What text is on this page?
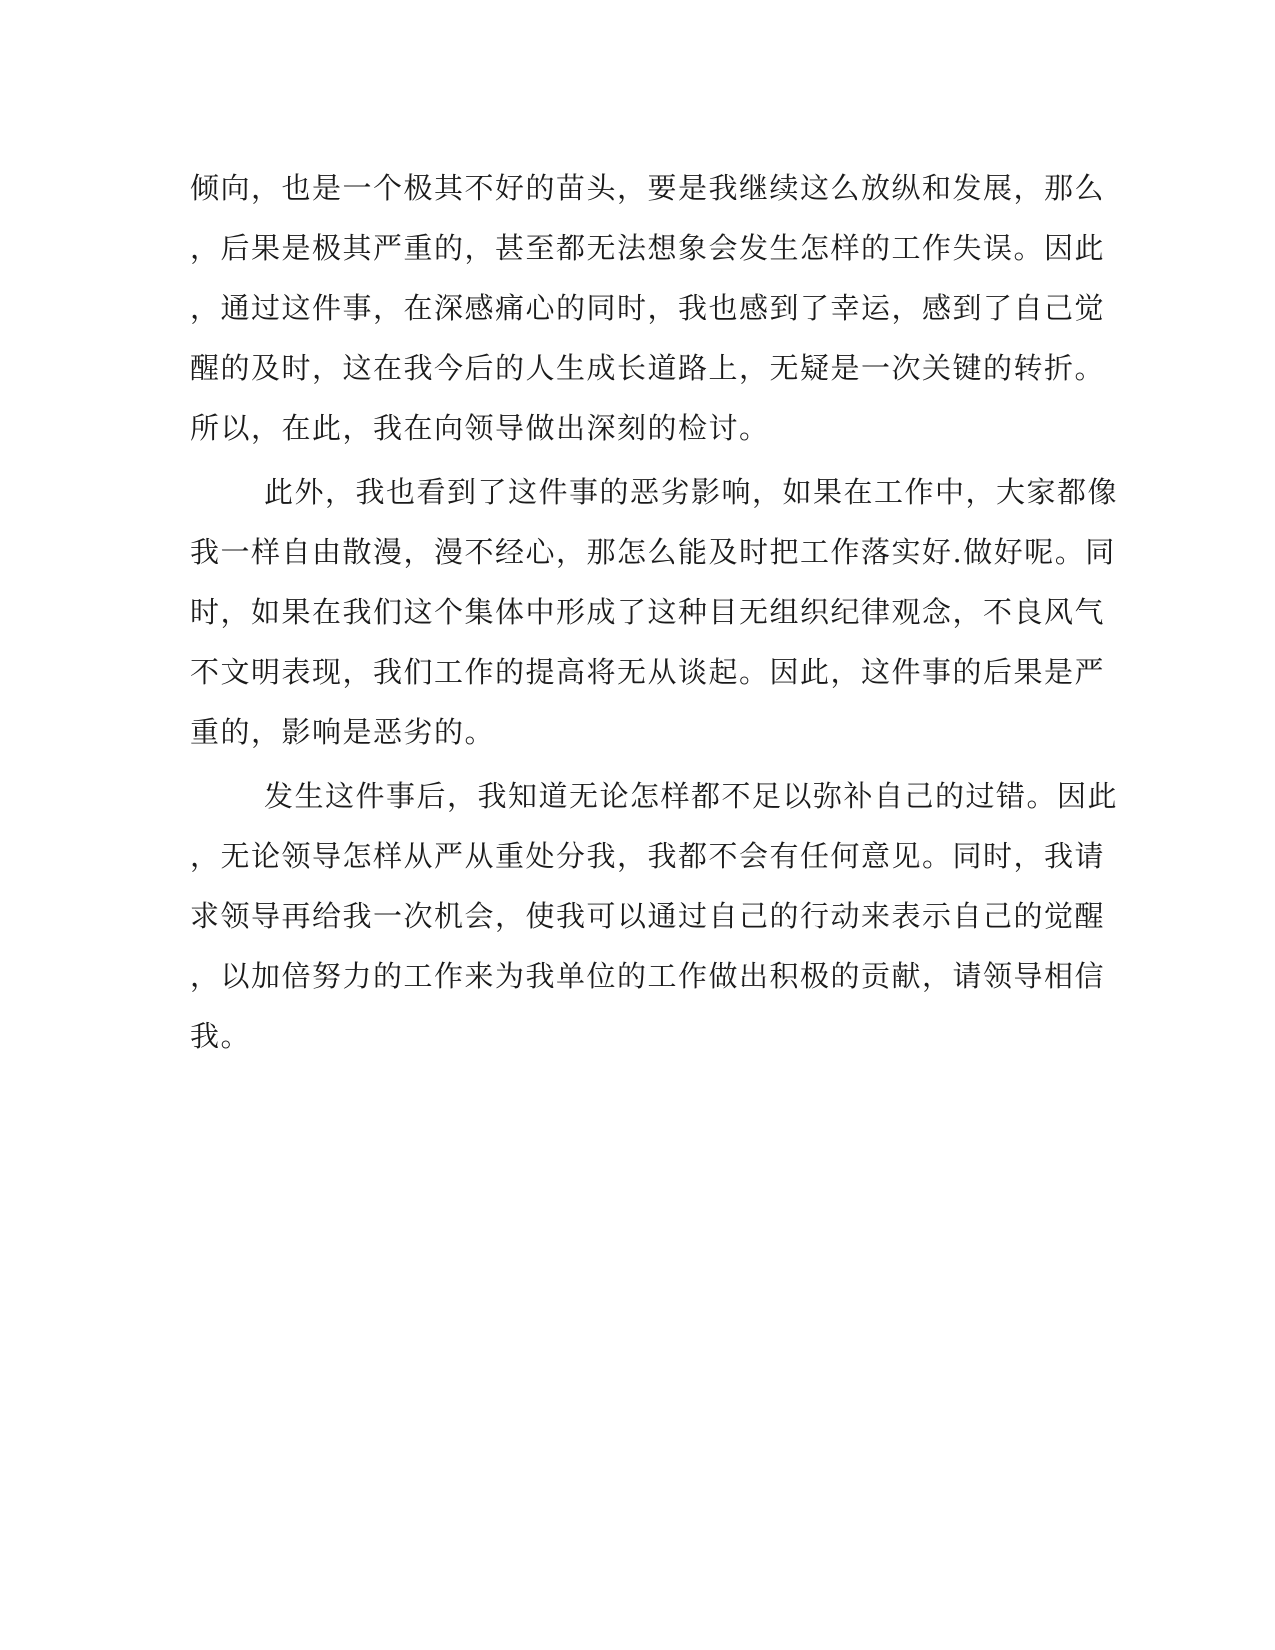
倾向，也是一个极其不好的苗头，要是我继续这么放纵和发展，那么
，后果是极其严重的，甚至都无法想象会发生怎样的工作失误。因此
，通过这件事，在深感痛心的同时，我也感到了幸运，感到了自己觉
醒的及时，这在我今后的人生成长道路上，无疑是一次关键的转折。
所以，在此，我在向领导做出深刻的检讨。
此外，我也看到了这件事的恶劣影响，如果在工作中，大家都像
我一样自由散漫，漫不经心，那怎么能及时把工作落实好.做好呢。同
时，如果在我们这个集体中形成了这种目无组织纪律观念，不良风气
不文明表现，我们工作的提高将无从谈起。因此，这件事的后果是严
重的，影响是恶劣的。
发生这件事后，我知道无论怎样都不足以弥补自己的过错。因此
，无论领导怎样从严从重处分我，我都不会有任何意见。同时，我请
求领导再给我一次机会，使我可以通过自己的行动来表示自己的觉醒
，以加倍努力的工作来为我单位的工作做出积极的贡献，请领导相信
我。
